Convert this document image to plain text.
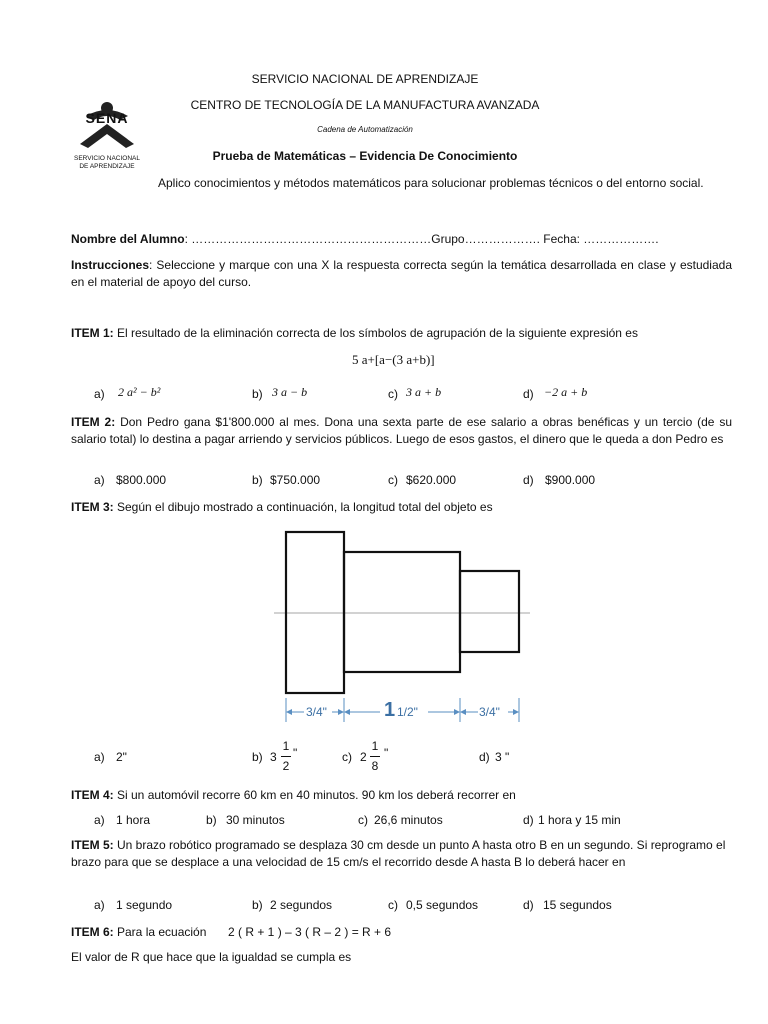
SENA
SERVICIO NACIONAL
DE APRENDIZAJE
SERVICIO NACIONAL DE APRENDIZAJE
CENTRO DE TECNOLOGÍA DE LA MANUFACTURA AVANZADA
Cadena de Automatización
Prueba de Matemáticas – Evidencia De Conocimiento
Aplico conocimientos y métodos matemáticos para solucionar problemas técnicos o del entorno social.
Nombre del Alumno: ……………………………………………………Grupo………………. Fecha: ……………….
Instrucciones: Seleccione y marque con una X la respuesta correcta según la temática desarrollada en clase y estudiada en el material de apoyo del curso.
ITEM 1: El resultado de la eliminación correcta de los símbolos de agrupación de la siguiente expresión es
5 a+[a−(3 a+b)]
a) 2 a² − b²	b) 3 a − b	c) 3 a + b	d) −2 a + b
ITEM 2: Don Pedro gana $1'800.000 al mes. Dona una sexta parte de ese salario a obras benéficas y un tercio (de su salario total) lo destina a pagar arriendo y servicios públicos. Luego de esos gastos, el dinero que le queda a don Pedro es
a) $800.000	b) $750.000	c) $620.000	d) $900.000
ITEM 3: Según el dibujo mostrado a continuación, la longitud total del objeto es
3/4"	1 1/2"	3/4"
a) 2"	b) 3
1
2
"	c) 2
1
8
"	d) 3 "
ITEM 4: Si un automóvil recorre 60 km en 40 minutos. 90 km los deberá recorrer en
a) 1 hora	b) 30 minutos	c) 26,6 minutos	d) 1 hora y 15 min
ITEM 5: Un brazo robótico programado se desplaza 30 cm desde un punto A hasta otro B en un segundo. Si reprogramo el brazo para que se desplace a una velocidad de 15 cm/s el recorrido desde A hasta B lo deberá hacer en
a) 1 segundo	b) 2 segundos	c) 0,5 segundos	d) 15 segundos
ITEM 6: Para la ecuación 2 ( R + 1 ) – 3 ( R – 2 ) = R + 6
El valor de R que hace que la igualdad se cumpla es
